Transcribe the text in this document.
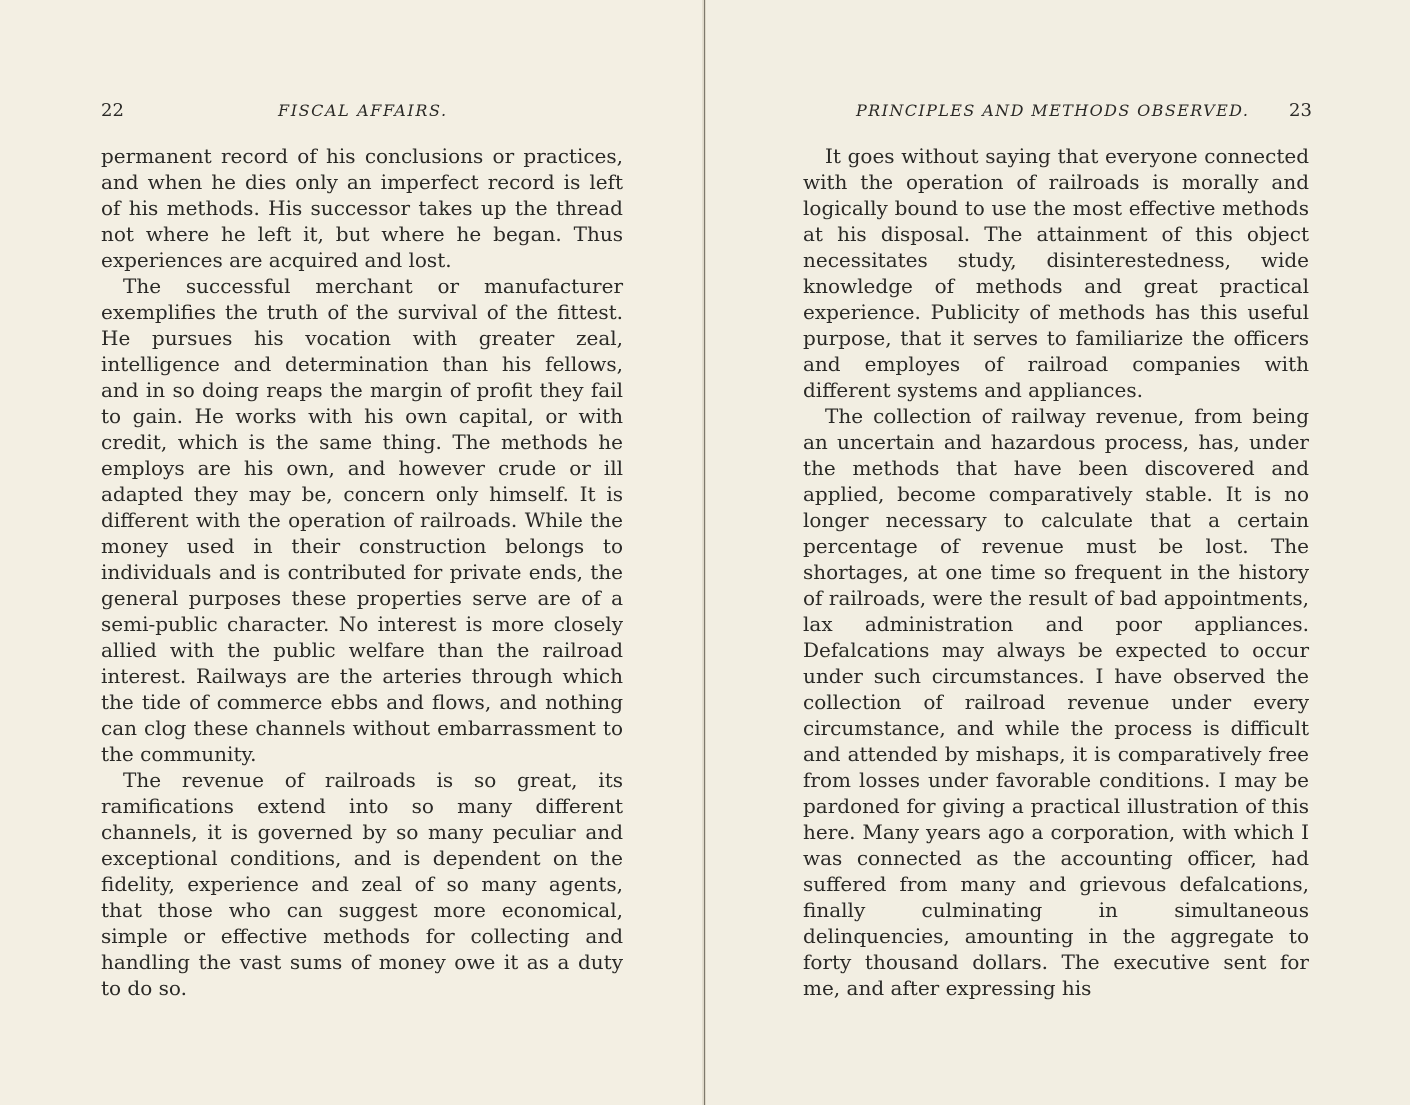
22	FISCAL AFFAIRS.

permanent record of his conclusions or practices, and when he dies only an imperfect record is left of his methods. His successor takes up the thread not where he left it, but where he began. Thus experiences are acquired and lost.

The successful merchant or manufacturer exemplifies the truth of the survival of the fittest. He pursues his vocation with greater zeal, intelligence and determination than his fellows, and in so doing reaps the margin of profit they fail to gain. He works with his own capital, or with credit, which is the same thing. The methods he employs are his own, and however crude or ill adapted they may be, concern only himself. It is different with the operation of railroads. While the money used in their construction belongs to individuals and is contributed for private ends, the general purposes these properties serve are of a semi-public character. No interest is more closely allied with the public welfare than the railroad interest. Railways are the arteries through which the tide of commerce ebbs and flows, and nothing can clog these channels without embarrassment to the community.

The revenue of railroads is so great, its ramifications extend into so many different channels, it is governed by so many peculiar and exceptional conditions, and is dependent on the fidelity, experience and zeal of so many agents, that those who can suggest more economical, simple or effective methods for collecting and handling the vast sums of money owe it as a duty to do so.

PRINCIPLES AND METHODS OBSERVED. 23

It goes without saying that everyone connected with the operation of railroads is morally and logically bound to use the most effective methods at his disposal. The attainment of this object necessitates study, disinterestedness, wide knowledge of methods and great practical experience. Publicity of methods has this useful purpose, that it serves to familiarize the officers and employes of railroad companies with different systems and appliances.

The collection of railway revenue, from being an uncertain and hazardous process, has, under the methods that have been discovered and applied, become comparatively stable. It is no longer necessary to calculate that a certain percentage of revenue must be lost. The shortages, at one time so frequent in the history of railroads, were the result of bad appointments, lax administration and poor appliances. Defalcations may always be expected to occur under such circumstances. I have observed the collection of railroad revenue under every circumstance, and while the process is difficult and attended by mishaps, it is comparatively free from losses under favorable conditions. I may be pardoned for giving a practical illustration of this here. Many years ago a corporation, with which I was connected as the accounting officer, had suffered from many and grievous defalcations, finally culminating in simultaneous delinquencies, amounting in the aggregate to forty thousand dollars. The executive sent for me, and after expressing his
